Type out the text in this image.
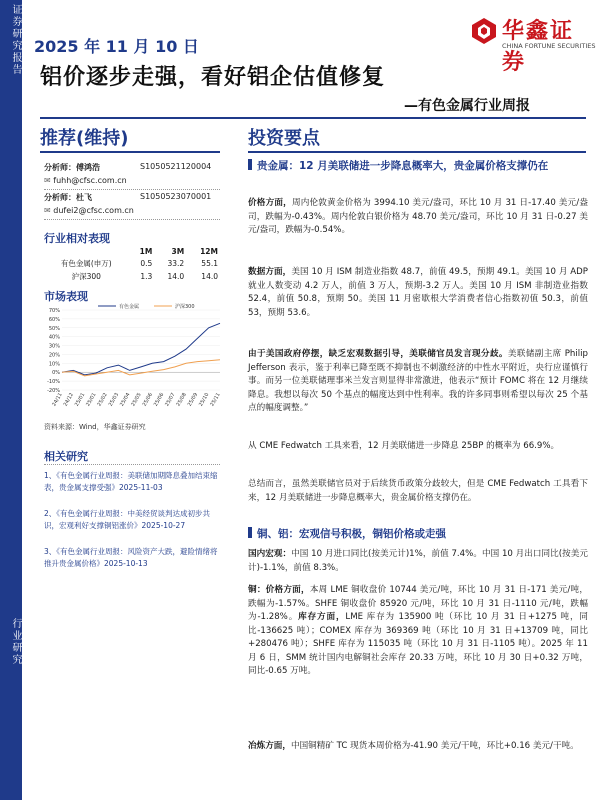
证券研究报告
行业研究
2025 年 11 月 10 日
华鑫证券
CHINA FORTUNE SECURITIES
铝价逐步走强，看好铝企估值修复
—有色金属行业周报
推荐(维持)
分析师：傅鸿浩	S1050521120004
✉ fuhh@cfsc.com.cn
分析师：杜飞	S1050523070001
✉ dufei2@cfsc.com.cn
行业相对表现
	1M	3M	12M
有色金属(申万)	0.5	33.2	55.1
沪深300	1.3	14.0	14.0
市场表现
-20%
-10%
0%
10%
20%
30%
40%
50%
60%
70%
24/11
24/12
25/01
25/01
25/02
25/03
25/04
25/05
25/06
25/06
25/07
25/08
25/09
25/10
25/11
有色金属	沪深300
资料来源：Wind，华鑫证券研究
相关研究
1、《有色金属行业周报：美联储加期降息叠加结束缩表，贵金属支撑受强》2025-11-03
2、《有色金属行业周报：中美经贸谈判达成初步共识，宏观利好支撑铜铝涨价》2025-10-27
3、《有色金属行业周报：风险资产大跌，避险情绪将推升贵金属价格》2025-10-13
投资要点
贵金属：12 月美联储进一步降息概率大，贵金属价格支撑仍在
价格方面，周内伦敦黄金价格为 3994.10 美元/盎司，环比 10 月 31 日-17.40 美元/盎司，跌幅为-0.43%。周内伦敦白银价格为 48.70 美元/盎司，环比 10 月 31 日-0.27 美元/盎司，跌幅为-0.54%。
数据方面，美国 10 月 ISM 制造业指数 48.7，前值 49.5，预期 49.1。美国 10 月 ADP 就业人数变动 4.2 万人，前值 3 万人，预期-3.2 万人。美国 10 月 ISM 非制造业指数 52.4，前值 50.8，预期 50。美国 11 月密歇根大学消费者信心指数初值 50.3，前值 53，预期 53.6。
由于美国政府停摆，缺乏宏观数据引导，美联储官员发言现分歧。美联储副主席 Philip Jefferson 表示，鉴于利率已降至既不抑制也不刺激经济的中性水平附近，央行应谨慎行事。而另一位美联储理事米兰发言则显得非常激进，他表示“预计 FOMC 将在 12 月继续降息。我想以每次 50 个基点的幅度达到中性利率。我的许多同事则希望以每次 25 个基点的幅度调整。”
从 CME Fedwatch 工具来看，12 月美联储进一步降息 25BP 的概率为 66.9%。
总结而言，虽然美联储官员对于后续货币政策分歧较大，但是 CME Fedwatch 工具看下来，12 月美联储进一步降息概率大，贵金属价格支撑仍在。
铜、铝：宏观信号积极，铜铝价格或走强
国内宏观：中国 10 月进口同比(按美元计)1%，前值 7.4%。中国 10 月出口同比(按美元计)-1.1%，前值 8.3%。
铜：价格方面，本周 LME 铜收盘价 10744 美元/吨，环比 10 月 31 日-171 美元/吨，跌幅为-1.57%。SHFE 铜收盘价 85920 元/吨，环比 10 月 31 日-1110 元/吨，跌幅为-1.28%。库存方面，LME 库存为 135900 吨（环比 10 月 31 日+1275 吨，同比-136625 吨）；COMEX 库存为 369369 吨（环比 10 月 31 日+13709 吨，同比+280476 吨）；SHFE 库存为 115035 吨（环比 10 月 31 日-1105 吨）。2025 年 11 月 6 日，SMM 统计国内电解铜社会库存 20.33 万吨，环比 10 月 30 日+0.32 万吨，同比-0.65 万吨。
冶炼方面，中国铜精矿 TC 现货本周价格为-41.90 美元/干吨，环比+0.16 美元/干吨。
